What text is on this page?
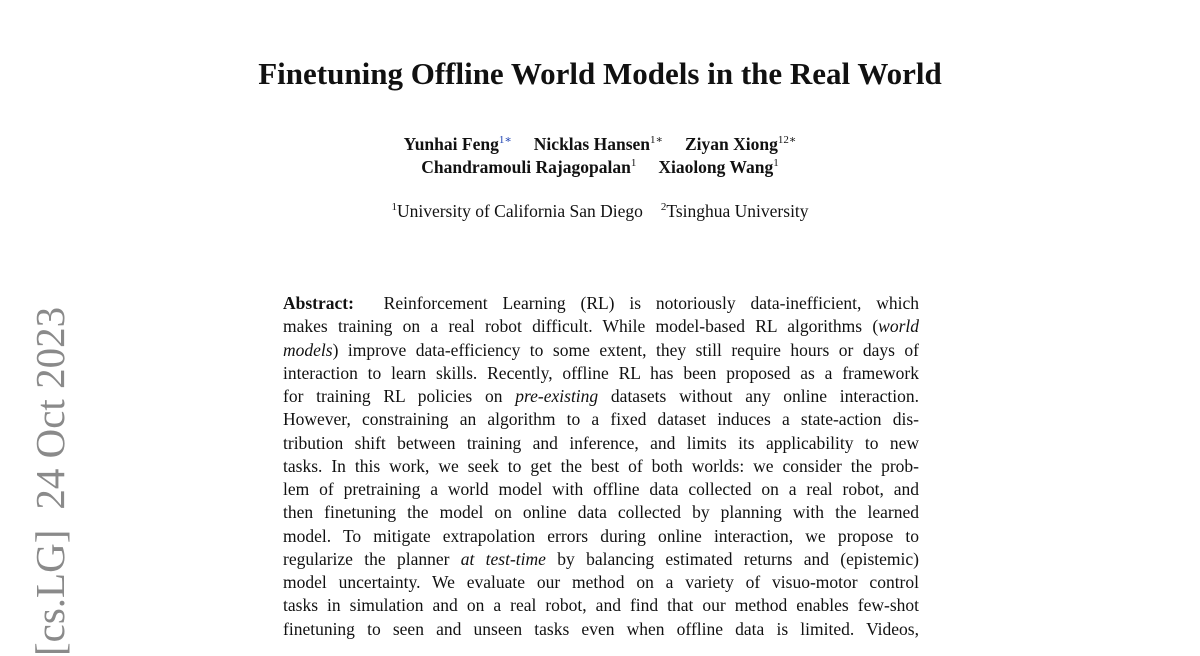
Finetuning Offline World Models in the Real World
Yunhai Feng$^{1∗}$ Nicklas Hansen$^{1∗}$ Ziyan Xiong$^{12∗}$
Chandramouli Rajagopalan$^1$ Xiaolong Wang$^1$
$^1$University of California San Diego $^2$Tsinghua University
Abstract: Reinforcement Learning (RL) is notoriously data-inefficient, which
makes training on a real robot difficult. While model-based RL algorithms (world
models) improve data-efficiency to some extent, they still require hours or days of
interaction to learn skills. Recently, offline RL has been proposed as a framework
for training RL policies on pre-existing datasets without any online interaction.
However, constraining an algorithm to a fixed dataset induces a state-action dis-
tribution shift between training and inference, and limits its applicability to new
tasks. In this work, we seek to get the best of both worlds: we consider the prob-
lem of pretraining a world model with offline data collected on a real robot, and
then finetuning the model on online data collected by planning with the learned
model. To mitigate extrapolation errors during online interaction, we propose to
regularize the planner at test-time by balancing estimated returns and (epistemic)
model uncertainty. We evaluate our method on a variety of visuo-motor control
tasks in simulation and on a real robot, and find that our method enables few-shot
finetuning to seen and unseen tasks even when offline data is limited. Videos,
[cs.LG]24 Oct 2023
